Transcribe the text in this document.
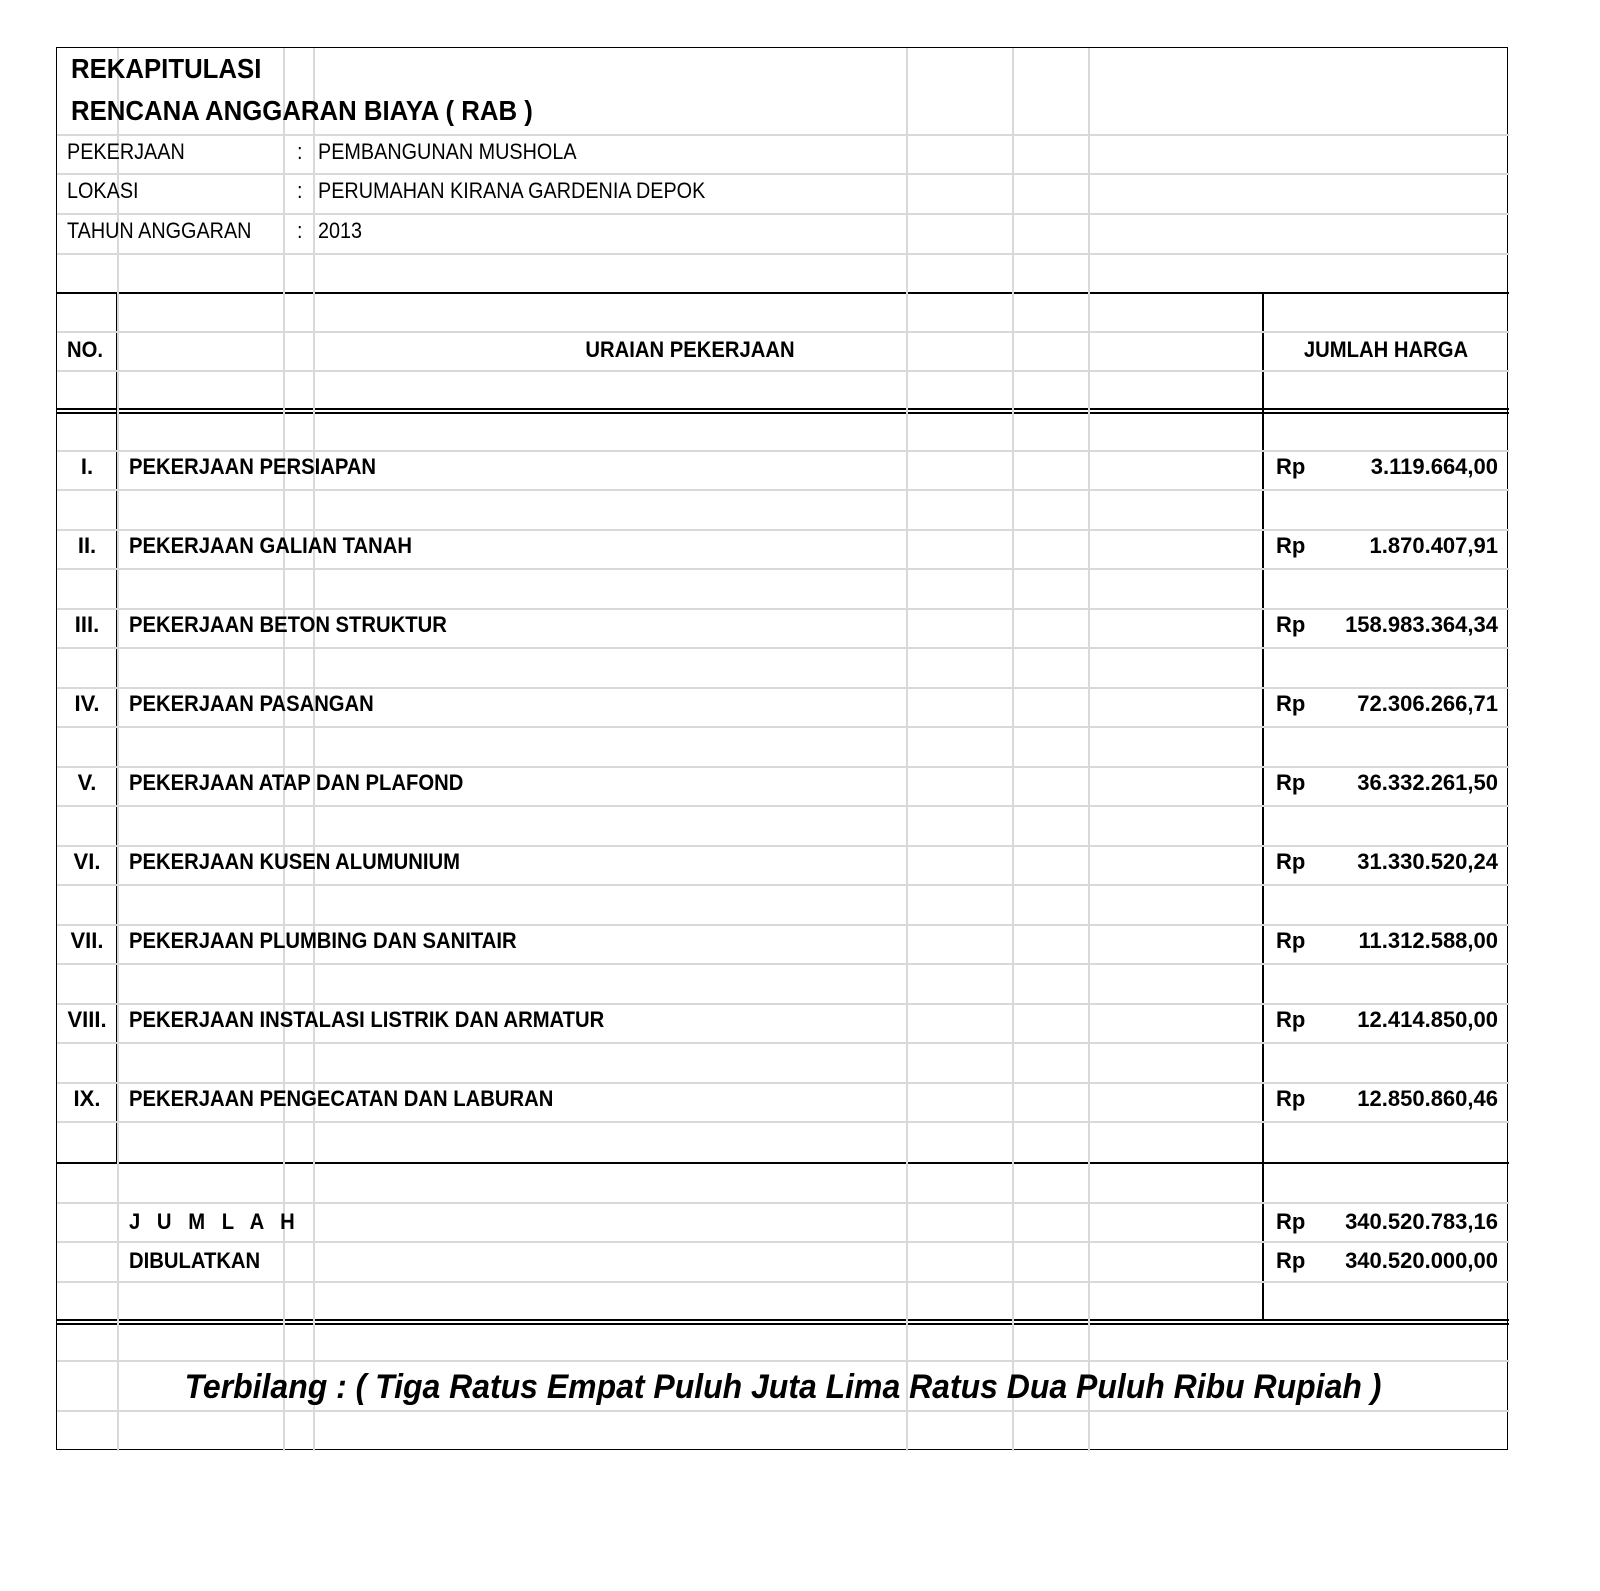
REKAPITULASI
RENCANA ANGGARAN BIAYA ( RAB )
PEKERJAAN	: PEMBANGUNAN MUSHOLA
LOKASI	: PERUMAHAN KIRANA GARDENIA DEPOK
TAHUN ANGGARAN : 2013
NO.	URAIAN PEKERJAAN	JUMLAH HARGA
I.	PEKERJAAN PERSIAPAN	Rp	3.119.664,00
II.	PEKERJAAN GALIAN TANAH	Rp	1.870.407,91
III.	PEKERJAAN BETON STRUKTUR	Rp	158.983.364,34
IV.	PEKERJAAN PASANGAN	Rp	72.306.266,71
V.	PEKERJAAN ATAP DAN PLAFOND	Rp	36.332.261,50
VI.	PEKERJAAN KUSEN ALUMUNIUM	Rp	31.330.520,24
VII.	PEKERJAAN PLUMBING DAN SANITAIR	Rp	11.312.588,00
VIII.	PEKERJAAN INSTALASI LISTRIK DAN ARMATUR	Rp	12.414.850,00
IX.	PEKERJAAN PENGECATAN DAN LABURAN	Rp	12.850.860,46
J U M L A H	Rp	340.520.783,16
DIBULATKAN	Rp	340.520.000,00
Terbilang : ( Tiga Ratus Empat Puluh Juta Lima Ratus Dua Puluh Ribu Rupiah )
